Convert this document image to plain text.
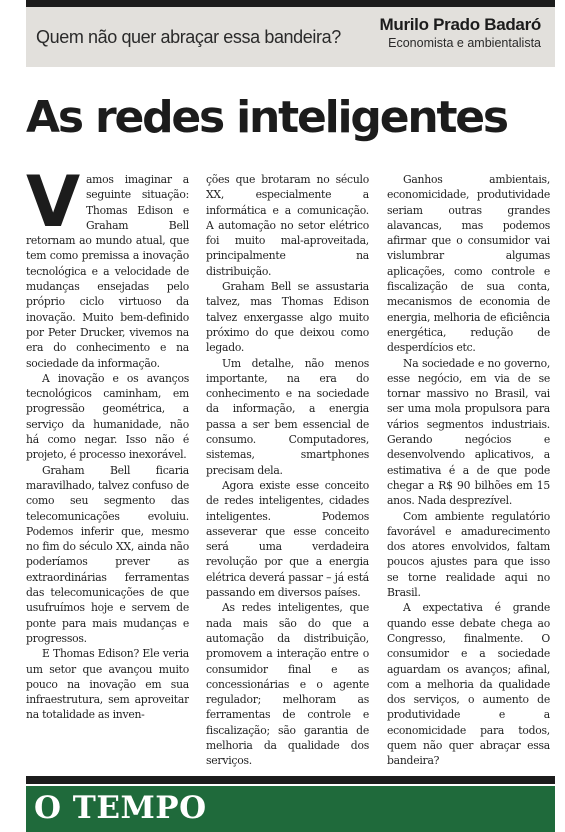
Quem não quer abraçar essa bandeira?
Murilo Prado Badaró
Economista e ambientalista
As redes inteligentes

Vamos imaginar a seguinte situação: Thomas Edison e Graham Bell retornam ao mundo atual, que tem como premissa a inovação tecnológica e a velocidade de mudanças ensejadas pelo próprio ciclo virtuoso da inovação. Muito bem-definido por Peter Drucker, vivemos na era do conhecimento e na sociedade da informação.

A inovação e os avanços tecnológicos caminham, em progressão geométrica, a serviço da humanidade, não há como negar. Isso não é projeto, é processo inexorável.

Graham Bell ficaria maravilhado, talvez confuso de como seu segmento das telecomunicações evoluiu. Podemos inferir que, mesmo no fim do século XX, ainda não poderíamos prever as extraordinárias ferramentas das telecomunicações de que usufruímos hoje e servem de ponte para mais mudanças e progressos.

E Thomas Edison? Ele veria um setor que avançou muito pouco na inovação em sua infraestrutura, sem aproveitar na totalidade as inven-

ções que brotaram no século XX, especialmente a informática e a comunicação. A automação no setor elétrico foi muito mal-aproveitada, principalmente na distribuição.

Graham Bell se assustaria talvez, mas Thomas Edison talvez enxergasse algo muito próximo do que deixou como legado.

Um detalhe, não menos importante, na era do conhecimento e na sociedade da informação, a energia passa a ser bem essencial de consumo. Computadores, sistemas, smartphones precisam dela.

Agora existe esse conceito de redes inteligentes, cidades inteligentes. Podemos asseverar que esse conceito será uma verdadeira revolução por que a energia elétrica deverá passar – já está passando em diversos países.

As redes inteligentes, que nada mais são do que a automação da distribuição, promovem a interação entre o consumidor final e as concessionárias e o agente regulador; melhoram as ferramentas de controle e fiscalização; são garantia de melhoria da qualidade dos serviços.

Ganhos ambientais, economicidade, produtividade seriam outras grandes alavancas, mas podemos afirmar que o consumidor vai vislumbrar algumas aplicações, como controle e fiscalização de sua conta, mecanismos de economia de energia, melhoria de eficiência energética, redução de desperdícios etc.

Na sociedade e no governo, esse negócio, em via de se tornar massivo no Brasil, vai ser uma mola propulsora para vários segmentos industriais. Gerando negócios e desenvolvendo aplicativos, a estimativa é a de que pode chegar a R$ 90 bilhões em 15 anos. Nada desprezível.

Com ambiente regulatório favorável e amadurecimento dos atores envolvidos, faltam poucos ajustes para que isso se torne realidade aqui no Brasil.

A expectativa é grande quando esse debate chega ao Congresso, finalmente. O consumidor e a sociedade aguardam os avanços; afinal, com a melhoria da qualidade dos serviços, o aumento de produtividade e a economicidade para todos, quem não quer abraçar essa bandeira?

O TEMPO
